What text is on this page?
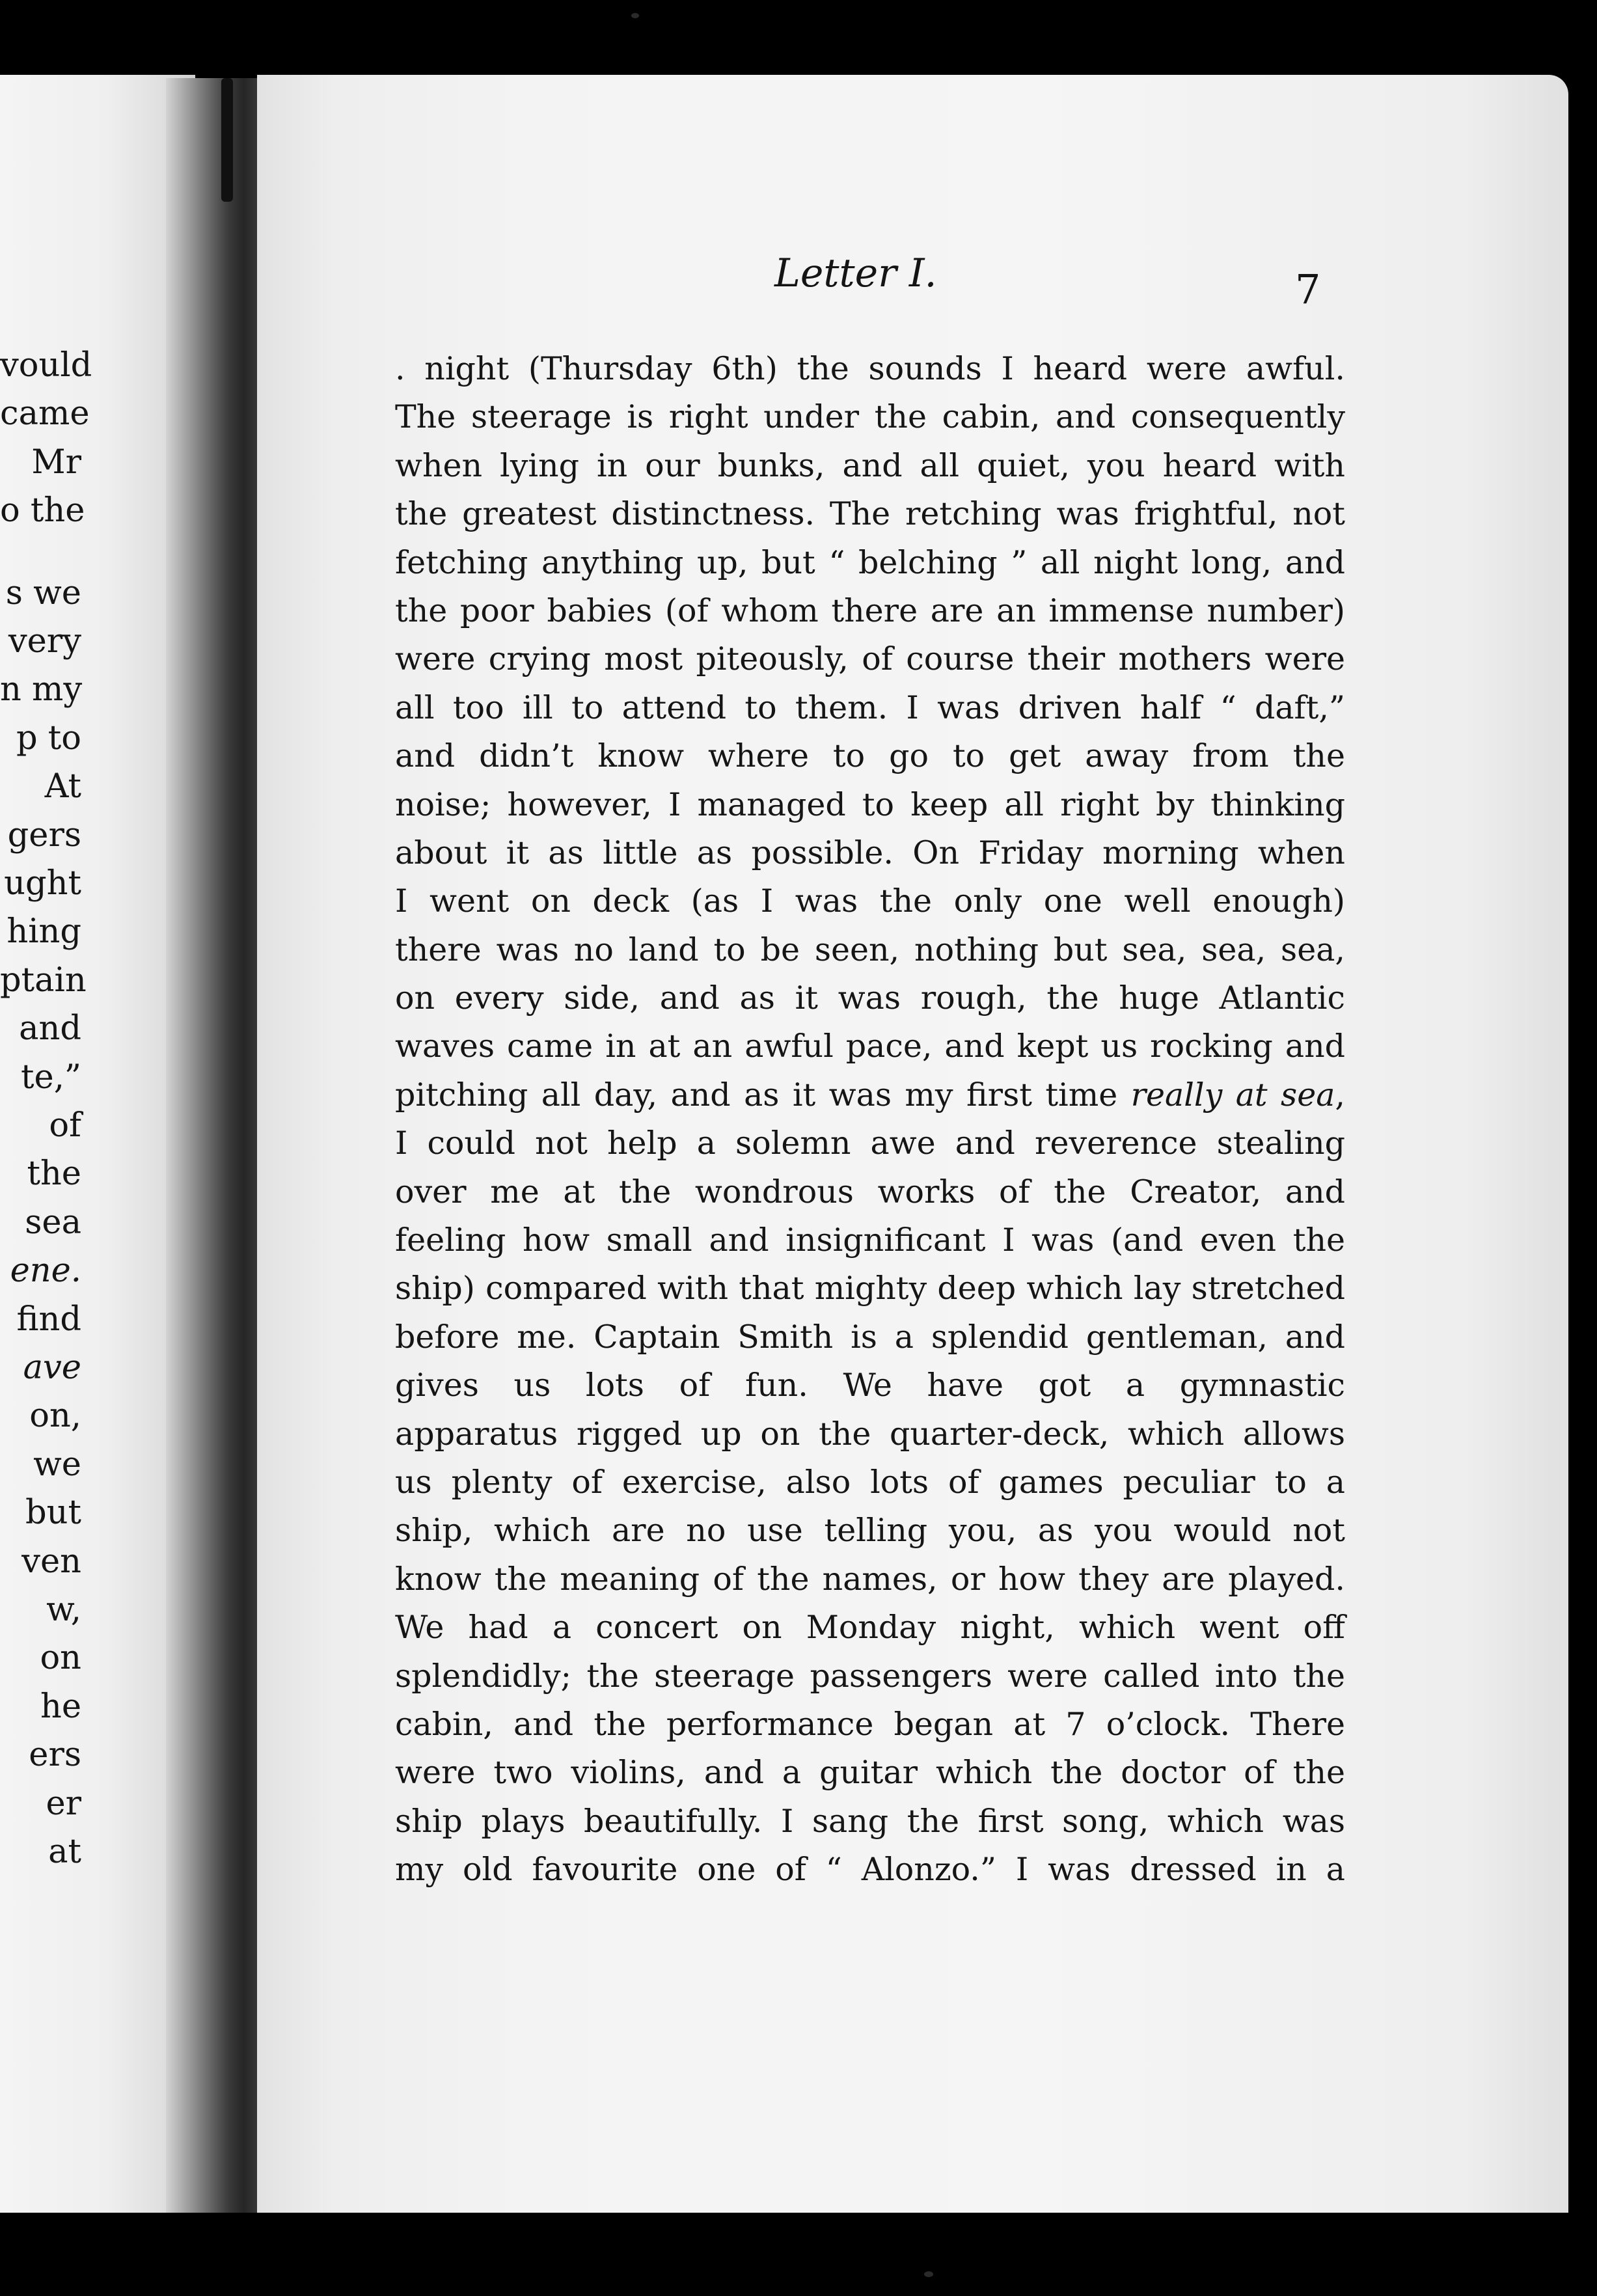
vould
came
Mr
o the
s we
very
n my
p to
At
gers
ught
hing
ptain
and
te,”
of
the
sea
ene.
find
ave
on,
we
but
ven
w,
on
he
ers
er
at
Letter I.	7
. night (Thursday 6th) the sounds I heard were awful.
The steerage is right under the cabin, and consequently
when lying in our bunks, and all quiet, you heard with
the greatest distinctness. The retching was frightful, not
fetching anything up, but “ belching ” all night long, and
the poor babies (of whom there are an immense number)
were crying most piteously, of course their mothers were
all too ill to attend to them. I was driven half “ daft,”
and didn’t know where to go to get away from the
noise; however, I managed to keep all right by thinking
about it as little as possible. On Friday morning when
I went on deck (as I was the only one well enough)
there was no land to be seen, nothing but sea, sea, sea,
on every side, and as it was rough, the huge Atlantic
waves came in at an awful pace, and kept us rocking and
pitching all day, and as it was my first time really at sea,
I could not help a solemn awe and reverence stealing
over me at the wondrous works of the Creator, and
feeling how small and insignificant I was (and even the
ship) compared with that mighty deep which lay stretched
before me. Captain Smith is a splendid gentleman, and
gives us lots of fun. We have got a gymnastic
apparatus rigged up on the quarter-deck, which allows
us plenty of exercise, also lots of games peculiar to a
ship, which are no use telling you, as you would not
know the meaning of the names, or how they are played.
We had a concert on Monday night, which went off
splendidly; the steerage passengers were called into the
cabin, and the performance began at 7 o’clock. There
were two violins, and a guitar which the doctor of the
ship plays beautifully. I sang the first song, which was
my old favourite one of “ Alonzo.” I was dressed in a
